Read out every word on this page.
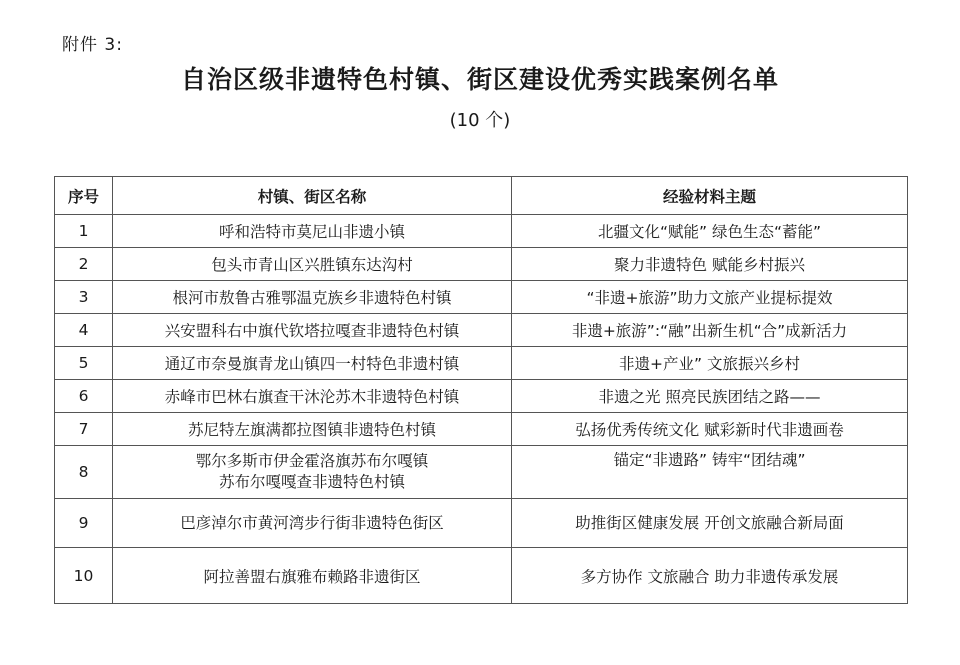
附件 3:
自治区级非遗特色村镇、街区建设优秀实践案例名单
(10 个)
序号	村镇、街区名称	经验材料主题
1	呼和浩特市莫尼山非遗小镇	北疆文化“赋能” 绿色生态“蓄能”
2	包头市青山区兴胜镇东达沟村	聚力非遗特色 赋能乡村振兴
3	根河市敖鲁古雅鄂温克族乡非遗特色村镇	“非遗+旅游”助力文旅产业提标提效
4	兴安盟科右中旗代钦塔拉嘎查非遗特色村镇	非遗+旅游”:“融”出新生机“合”成新活力
5	通辽市奈曼旗青龙山镇四一村特色非遗村镇	非遗+产业” 文旅振兴乡村
6	赤峰市巴林右旗查干沐沦苏木非遗特色村镇	非遗之光 照亮民族团结之路——
7	苏尼特左旗满都拉图镇非遗特色村镇	弘扬优秀传统文化 赋彩新时代非遗画卷
8	鄂尔多斯市伊金霍洛旗苏布尔嘎镇
苏布尔嘎嘎查非遗特色村镇	锚定“非遗路” 铸牢“团结魂”
9	巴彦淖尔市黄河湾步行街非遗特色街区	助推街区健康发展 开创文旅融合新局面
10	阿拉善盟右旗雅布赖路非遗街区	多方协作 文旅融合 助力非遗传承发展
